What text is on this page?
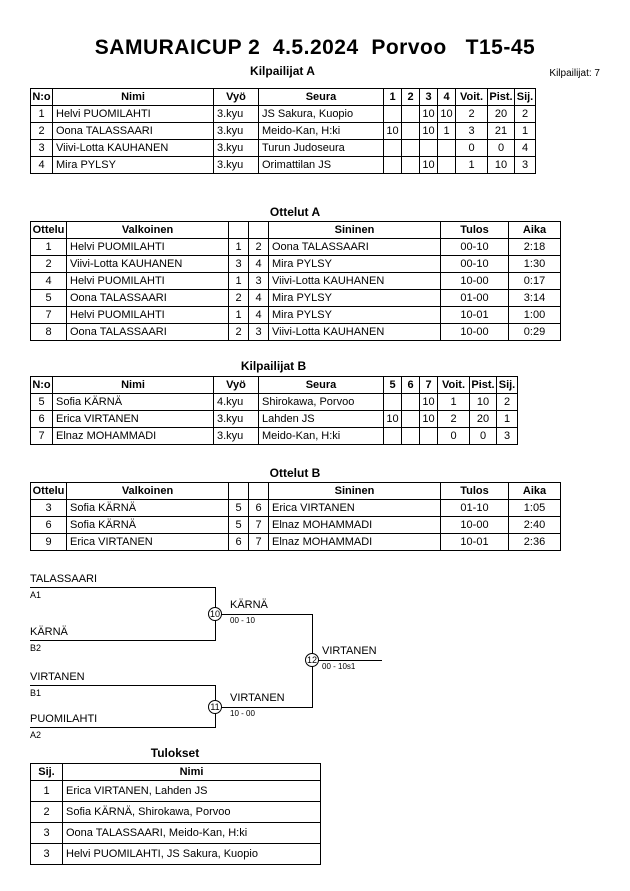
SAMURAICUP 2  4.5.2024  Porvoo   T15-45
Kilpailijat: 7
Kilpailijat A
N:o	Nimi	Vyö	Seura	1	2	3	4	Voit.	Pist.	Sij.
1	Helvi PUOMILAHTI	3.kyu	JS Sakura, Kuopio			10	10	2	20	2
2	Oona TALASSAARI	3.kyu	Meido-Kan, H:ki	10		10	1	3	21	1
3	Viivi-Lotta KAUHANEN	3.kyu	Turun Judoseura					0	0	4
4	Mira PYLSY	3.kyu	Orimattilan JS			10		1	10	3
Ottelut A
Ottelu	Valkoinen			Sininen	Tulos	Aika
1	Helvi PUOMILAHTI	1	2	Oona TALASSAARI	00-10	2:18
2	Viivi-Lotta KAUHANEN	3	4	Mira PYLSY	00-10	1:30
4	Helvi PUOMILAHTI	1	3	Viivi-Lotta KAUHANEN	10-00	0:17
5	Oona TALASSAARI	2	4	Mira PYLSY	01-00	3:14
7	Helvi PUOMILAHTI	1	4	Mira PYLSY	10-01	1:00
8	Oona TALASSAARI	2	3	Viivi-Lotta KAUHANEN	10-00	0:29
Kilpailijat B
N:o	Nimi	Vyö	Seura	5	6	7	Voit.	Pist.	Sij.
5	Sofia KÄRNÄ	4.kyu	Shirokawa, Porvoo			10	1	10	2
6	Erica VIRTANEN	3.kyu	Lahden JS	10		10	2	20	1
7	Elnaz MOHAMMADI	3.kyu	Meido-Kan, H:ki				0	0	3
Ottelut B
Ottelu	Valkoinen			Sininen	Tulos	Aika
3	Sofia KÄRNÄ	5	6	Erica VIRTANEN	01-10	1:05
6	Sofia KÄRNÄ	5	7	Elnaz MOHAMMADI	10-00	2:40
9	Erica VIRTANEN	6	7	Elnaz MOHAMMADI	10-01	2:36
TALASSAARI
A1
KÄRNÄ
B2
10
KÄRNÄ
00 - 10
VIRTANEN
B1
PUOMILAHTI
A2
11
VIRTANEN
10 - 00
12
VIRTANEN
00 - 10s1
Tulokset
Sij.	Nimi
1	Erica VIRTANEN, Lahden JS
2	Sofia KÄRNÄ, Shirokawa, Porvoo
3	Oona TALASSAARI, Meido-Kan, H:ki
3	Helvi PUOMILAHTI, JS Sakura, Kuopio
